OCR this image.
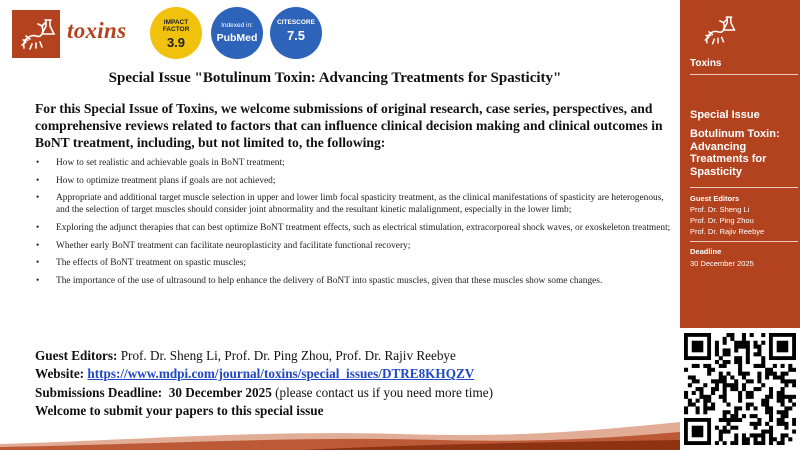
toxins	IMPACT FACTOR
3.9
Indexed in:
PubMed
CITESCORE
7.5
Special Issue "Botulinum Toxin: Advancing Treatments for Spasticity"

For this Special Issue of Toxins, we welcome submissions of original research, case series, perspectives, and comprehensive reviews related to factors that can influence clinical decision making and clinical outcomes in BoNT treatment, including, but not limited to, the following:

• How to set realistic and achievable goals in BoNT treatment;
• How to optimize treatment plans if goals are not achieved;
• Appropriate and additional target muscle selection in upper and lower limb focal spasticity treatment, as the clinical manifestations of spasticity are heterogenous, and the selection of target muscles should consider joint abnormality and the resultant kinetic malalignment, especially in the lower limb;
• Exploring the adjunct therapies that can best optimize BoNT treatment effects, such as electrical stimulation, extracorporeal shock waves, or exoskeleton treatment;
• Whether early BoNT treatment can facilitate neuroplasticity and facilitate functional recovery;
• The effects of BoNT treatment on spastic muscles;
• The importance of the use of ultrasound to help enhance the delivery of BoNT into spastic muscles, given that these muscles show some changes.
Guest Editors: Prof. Dr. Sheng Li, Prof. Dr. Ping Zhou, Prof. Dr. Rajiv Reebye
Website: https://www.mdpi.com/journal/toxins/special_issues/DTRE8KHQZV
Submissions Deadline:  30 December 2025 (please contact us if you need more time)
Welcome to submit your papers to this special issue
Toxins
Special Issue
Botulinum Toxin: Advancing Treatments for Spasticity
Guest Editors
Prof. Dr. Sheng Li
Prof. Dr. Ping Zhou
Prof. Dr. Rajiv Reebye
Deadline
30 December 2025
